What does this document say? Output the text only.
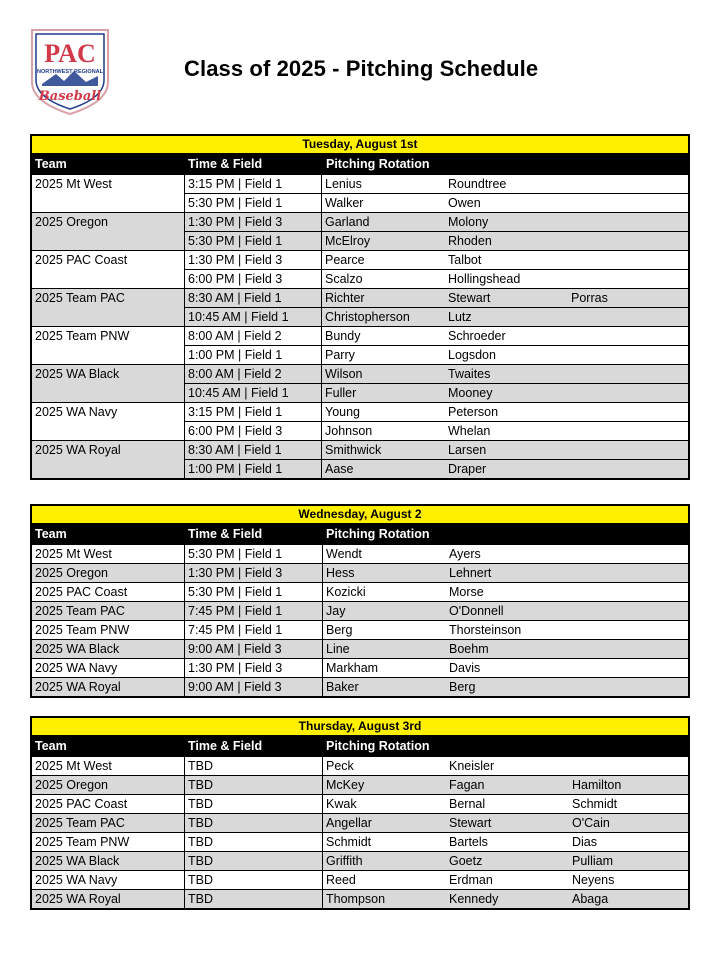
PAC
NORTHWEST REGIONAL
Baseball
Class of 2025 - Pitching Schedule
Tuesday, August 1st
Team	Time & Field	Pitching Rotation
2025 Mt West	3:15 PM | Field 1	Lenius	Roundtree
5:30 PM | Field 1	Walker	Owen
2025 Oregon	1:30 PM | Field 3	Garland	Molony
5:30 PM | Field 1	McElroy	Rhoden
2025 PAC Coast	1:30 PM | Field 3	Pearce	Talbot
6:00 PM | Field 3	Scalzo	Hollingshead
2025 Team PAC	8:30 AM | Field 1	Richter	Stewart	Porras
10:45 AM | Field 1	Christopherson	Lutz
2025 Team PNW	8:00 AM | Field 2	Bundy	Schroeder
1:00 PM | Field 1	Parry	Logsdon
2025 WA Black	8:00 AM | Field 2	Wilson	Twaites
10:45 AM | Field 1	Fuller	Mooney
2025 WA Navy	3:15 PM | Field 1	Young	Peterson
6:00 PM | Field 3	Johnson	Whelan
2025 WA Royal	8:30 AM | Field 1	Smithwick	Larsen
1:00 PM | Field 1	Aase	Draper
Wednesday, August 2
Team	Time & Field	Pitching Rotation
2025 Mt West	5:30 PM | Field 1	Wendt	Ayers
2025 Oregon	1:30 PM | Field 3	Hess	Lehnert
2025 PAC Coast	5:30 PM | Field 1	Kozicki	Morse
2025 Team PAC	7:45 PM | Field 1	Jay	O'Donnell
2025 Team PNW	7:45 PM | Field 1	Berg	Thorsteinson
2025 WA Black	9:00 AM | Field 3	Line	Boehm
2025 WA Navy	1:30 PM | Field 3	Markham	Davis
2025 WA Royal	9:00 AM | Field 3	Baker	Berg
Thursday, August 3rd
Team	Time & Field	Pitching Rotation
2025 Mt West	TBD	Peck	Kneisler
2025 Oregon	TBD	McKey	Fagan	Hamilton
2025 PAC Coast	TBD	Kwak	Bernal	Schmidt
2025 Team PAC	TBD	Angellar	Stewart	O'Cain
2025 Team PNW	TBD	Schmidt	Bartels	Dias
2025 WA Black	TBD	Griffith	Goetz	Pulliam
2025 WA Navy	TBD	Reed	Erdman	Neyens
2025 WA Royal	TBD	Thompson	Kennedy	Abaga
